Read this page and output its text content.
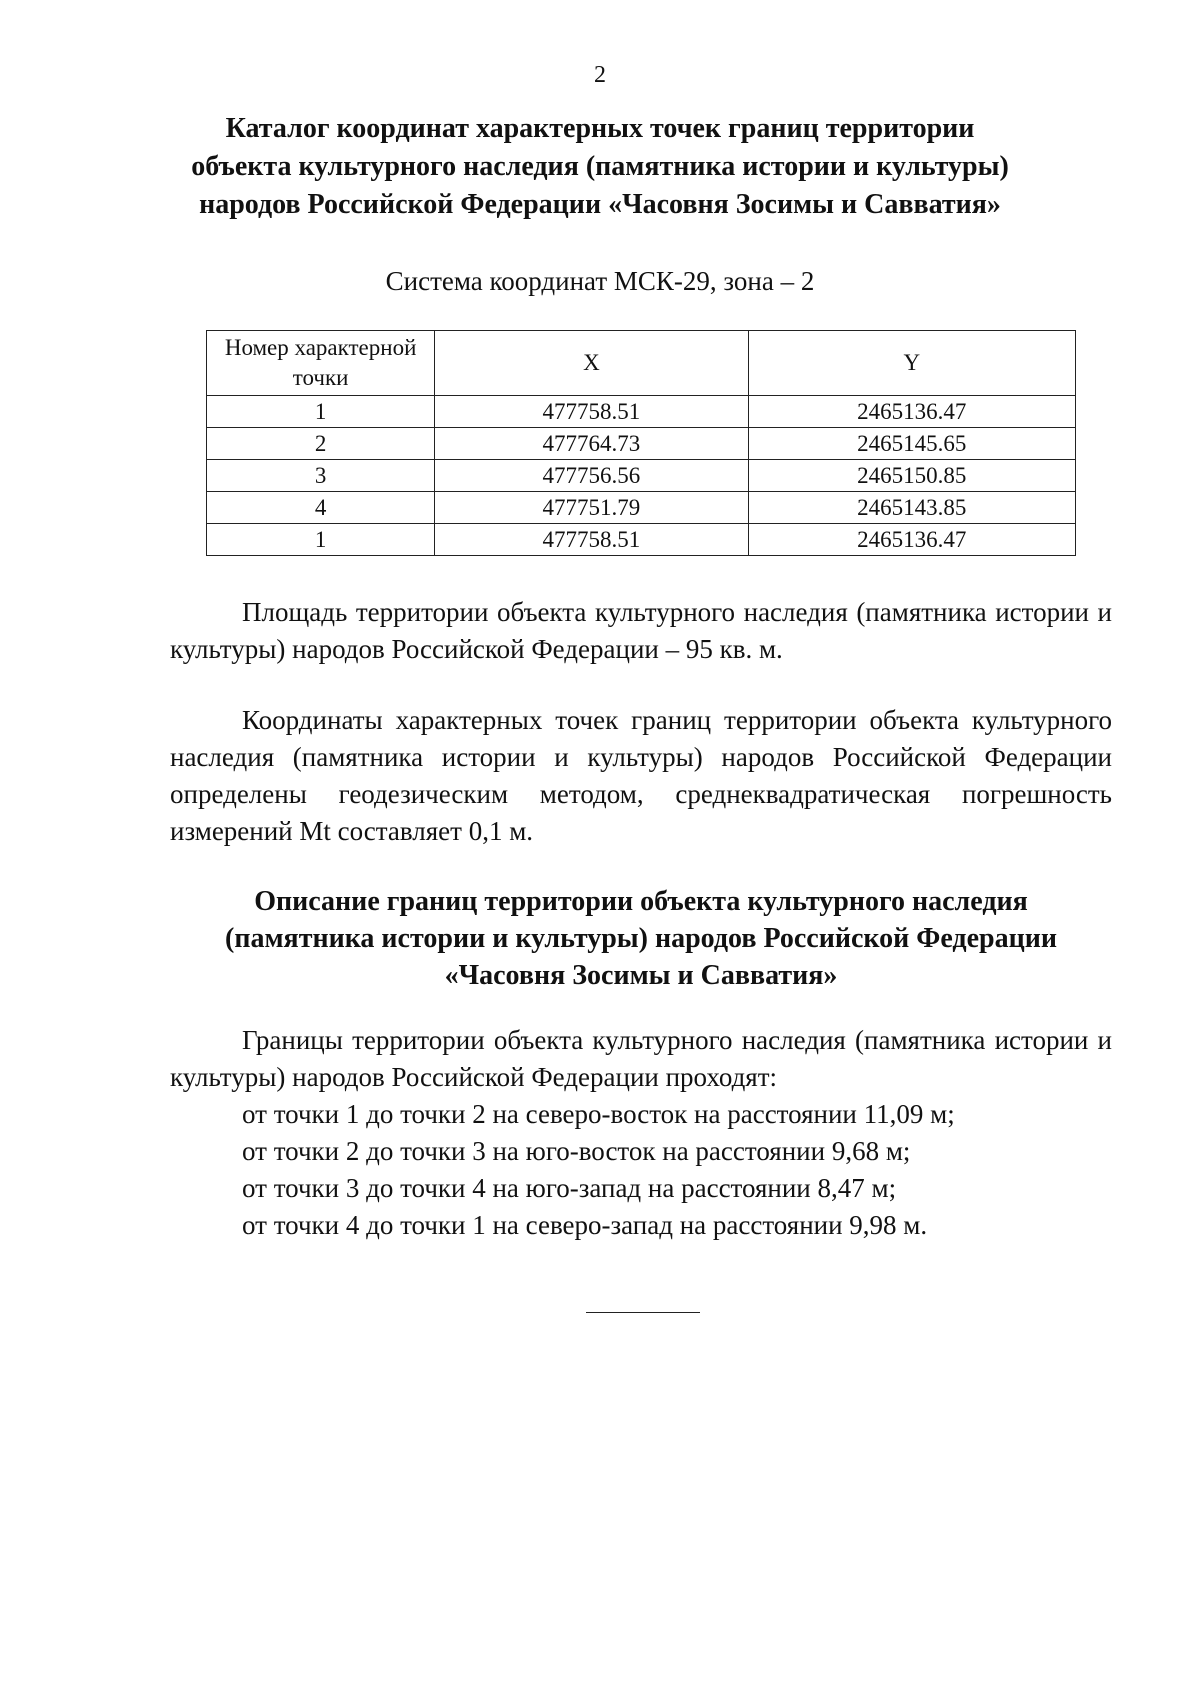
2
Каталог координат характерных точек границ территории
объекта культурного наследия (памятника истории и культуры)
народов Российской Федерации «Часовня Зосимы и Савватия»
Система координат МСК-29, зона – 2
Номер характерной точки	X	Y
1	477758.51	2465136.47
2	477764.73	2465145.65
3	477756.56	2465150.85
4	477751.79	2465143.85
1	477758.51	2465136.47

Площадь территории объекта культурного наследия (памятника истории и культуры) народов Российской Федерации – 95 кв. м.

Координаты характерных точек границ территории объекта культурного наследия (памятника истории и культуры) народов Российской Федерации определены геодезическим методом, среднеквадратическая погрешность измерений Mt составляет 0,1 м.

Описание границ территории объекта культурного наследия
(памятника истории и культуры) народов Российской Федерации
«Часовня Зосимы и Савватия»

Границы территории объекта культурного наследия (памятника истории и культуры) народов Российской Федерации проходят:

от точки 1 до точки 2 на северо-восток на расстоянии 11,09 м;
от точки 2 до точки 3 на юго-восток на расстоянии 9,68 м;
от точки 3 до точки 4 на юго-запад на расстоянии 8,47 м;
от точки 4 до точки 1 на северо-запад на расстоянии 9,98 м.
